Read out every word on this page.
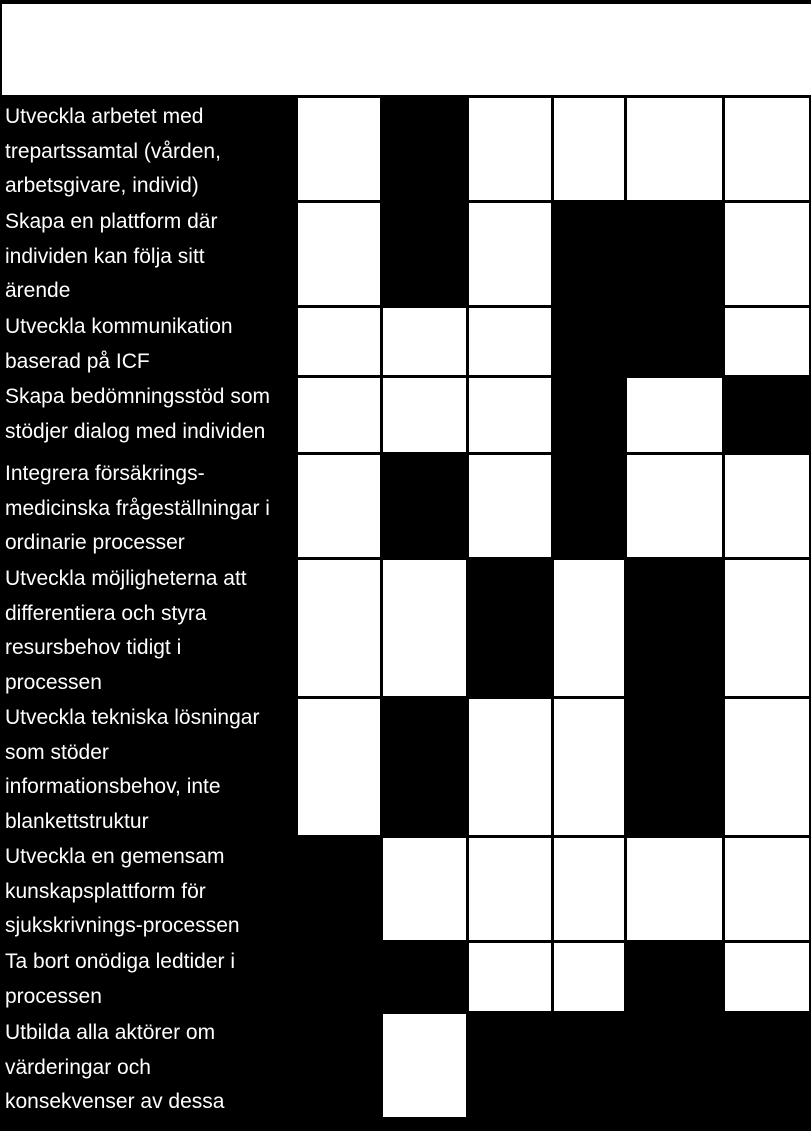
Utveckla arbetet med
trepartssamtal (vården,
arbetsgivare, individ)
Skapa en plattform där
individen kan följa sitt
ärende
Utveckla kommunikation
baserad på ICF
Skapa bedömningsstöd som
stödjer dialog med individen
Integrera försäkrings-
medicinska frågeställningar i
ordinarie processer
Utveckla möjligheterna att
differentiera och styra
resursbehov tidigt i
processen
Utveckla tekniska lösningar
som stöder
informationsbehov, inte
blankettstruktur
Utveckla en gemensam
kunskapsplattform för
sjukskrivnings-processen
Ta bort onödiga ledtider i
processen
Utbilda alla aktörer om
värderingar och
konsekvenser av dessa
